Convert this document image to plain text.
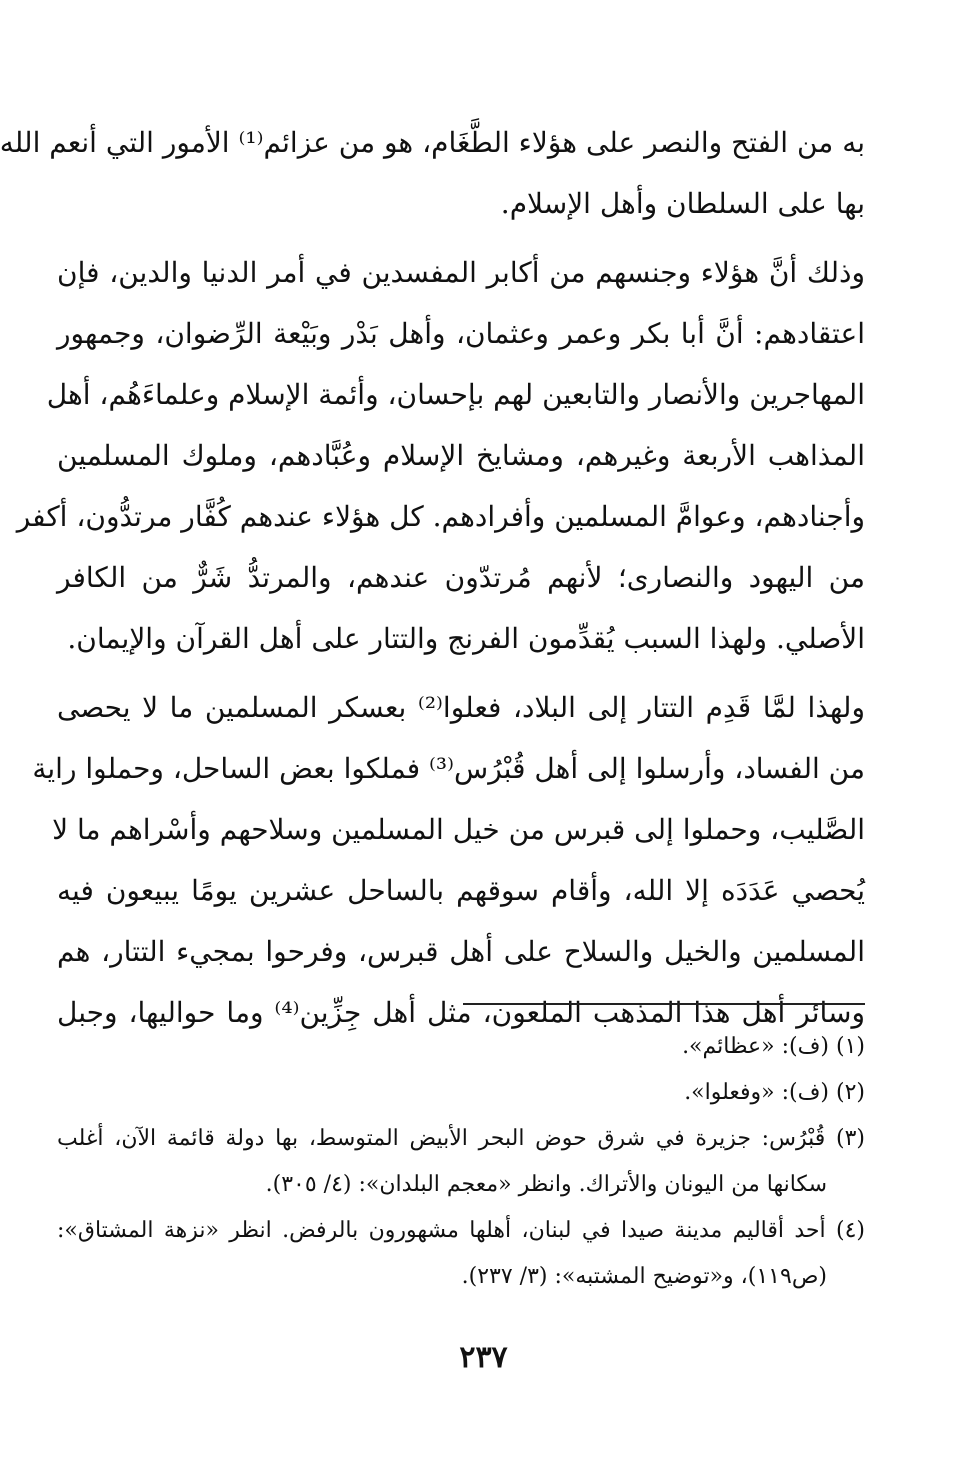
به من الفتح والنصر على هؤلاء الطَّغَام، هو من عزائم⁽¹⁾ الأمور التي أنعم الله
بها على السلطان وأهل الإسلام.
وذلك أنَّ هؤلاء وجنسهم من أكابر المفسدين في أمر الدنيا والدين، فإن
اعتقادهم: أنَّ أبا بكر وعمر وعثمان، وأهل بَدْر وبَيْعة الرِّضوان، وجمهور
المهاجرين والأنصار والتابعين لهم بإحسان، وأئمة الإسلام وعلماءَهُم، أهل
المذاهب الأربعة وغيرهم، ومشايخ الإسلام وعُبَّادهم، وملوك المسلمين
وأجنادهم، وعوامَّ المسلمين وأفرادهم. كل هؤلاء عندهم كُفَّار مرتدُّون، أكفر
من اليهود والنصارى؛ لأنهم مُرتدّون عندهم، والمرتدُّ شَرٌّ من الكافر
الأصلي. ولهذا السبب يُقدِّمون الفرنج والتتار على أهل القرآن والإيمان.
ولهذا لمَّا قَدِم التتار إلى البلاد، فعلوا⁽²⁾ بعسكر المسلمين ما لا يحصى
من الفساد، وأرسلوا إلى أهل قُبْرُس⁽³⁾ فملكوا بعض الساحل، وحملوا راية
الصَّليب، وحملوا إلى قبرس من خيل المسلمين وسلاحهم وأسْراهم ما لا
يُحصي عَدَدَه إلا الله، وأقام سوقهم بالساحل عشرين يومًا يبيعون فيه
المسلمين والخيل والسلاح على أهل قبرس، وفرحوا بمجيء التتار، هم
وسائر أهل هذا المذهب الملعون، مثل أهل جِزِّين⁽⁴⁾ وما حواليها، وجبل
(١) (ف): «عظائم».
(٢) (ف): «وفعلوا».
(٣) قُبْرُس: جزيرة في شرق حوض البحر الأبيض المتوسط، بها دولة قائمة الآن، أغلب
سكانها من اليونان والأتراك. وانظر «معجم البلدان»: (٤/ ٣٠٥).
(٤) أحد أقاليم مدينة صيدا في لبنان، أهلها مشهورون بالرفض. انظر «نزهة المشتاق»:
(ص١١٩)، و«توضيح المشتبه»: (٣/ ٢٣٧).
٢٣٧
